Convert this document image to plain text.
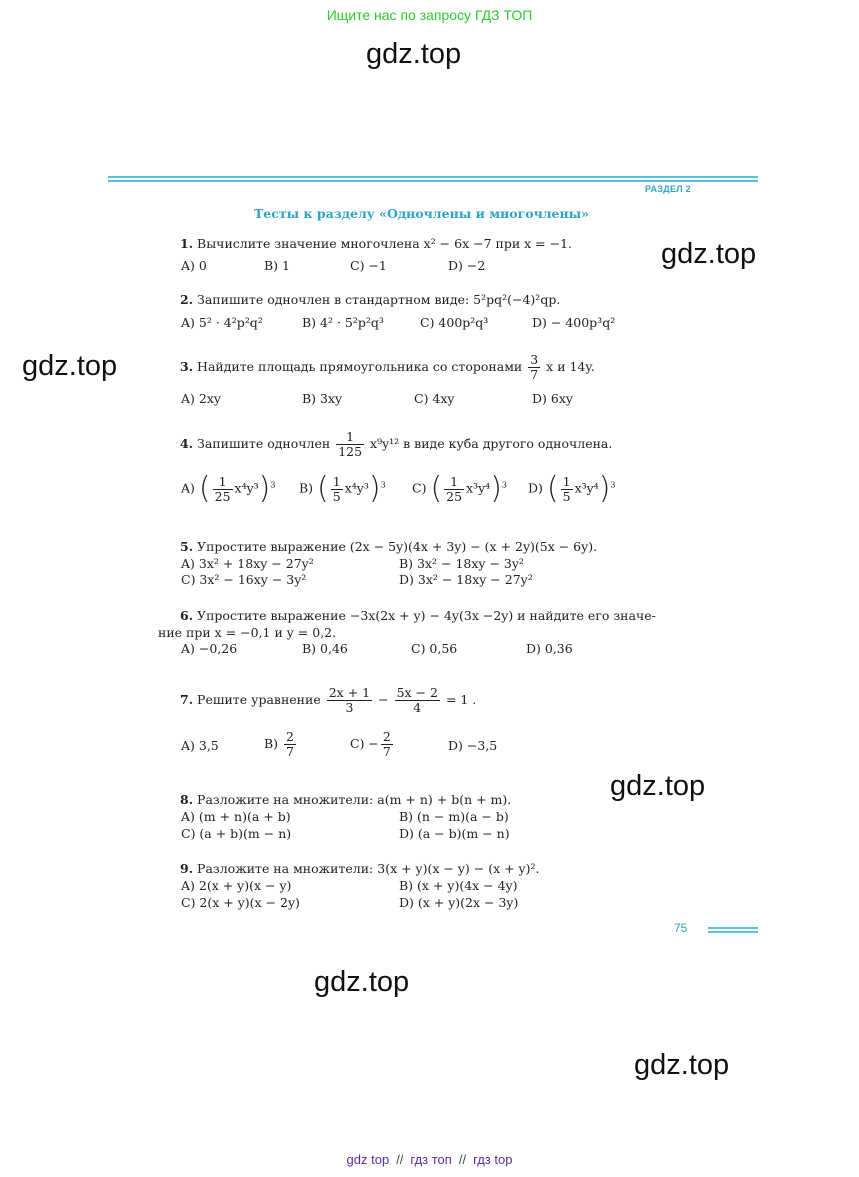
Ищите нас по запросу ГДЗ ТОП
gdz.top
gdz.top
gdz.top
gdz.top
gdz.top
gdz.top
РАЗДЕЛ 2
Тесты к разделу «Одночлены и многочлены»
1. Вычислите значение многочлена x² − 6x −7 при x = −1.
A) 0	B) 1	C) −1	D) −2
2. Запишите одночлен в стандартном виде: 5²pq²(−4)²qp.
A) 5² · 4²p²q²	B) 4² · 5²p²q³	C) 400p²q³	D) − 400p³q²
3. Найдите площадь прямоугольника со сторонами $\frac{3}{7}$ x и 14y.
A) 2xy	B) 3xy	C) 4xy	D) 6xy
4. Запишите одночлен $\frac{1}{125} x^9y^{12}$ в виде куба другого одночлена.
A) ( $\frac{1}{25} x^4y^3)^3$ B) ( $\frac{1}{5} x^4y^3)^3$ C) ( $\frac{1}{25} x^3y^4)^3$ D) ( $\frac{1}{5} x^3y^4)^3$
5. Упростите выражение (2x − 5y)(4x + 3y) − (x + 2y)(5x − 6y).
A) 3x² + 18xy − 27y²	B) 3x² − 18xy − 3y²
C) 3x² − 16xy − 3y²	D) 3x² − 18xy − 27y²
6. Упростите выражение −3x(2x + y) − 4y(3x −2y) и найдите его значе-
ние при x = −0,1 и y = 0,2.
A) −0,26	B) 0,46	C) 0,56	D) 0,36
7. Решите уравнение $\frac{2x + 1}{3} - \frac{5x - 2}{4} = 1$ .
A) 3,5	$B) \frac{2}{7}$	$C) - \frac{2}{7}$	D) −3,5
8. Разложите на множители: a(m + n) + b(n + m).
A) (m + n)(a + b)	B) (n − m)(a − b)
C) (a + b)(m − n)	D) (a − b)(m − n)
9. Разложите на множители: 3(x + y)(x − y) − (x + y)².
A) 2(x + y)(x − y)	B) (x + y)(4x − 4y)
C) 2(x + y)(x − 2y)	D) (x + y)(2x − 3y)
75
gdz top // гдз топ // гдз top
